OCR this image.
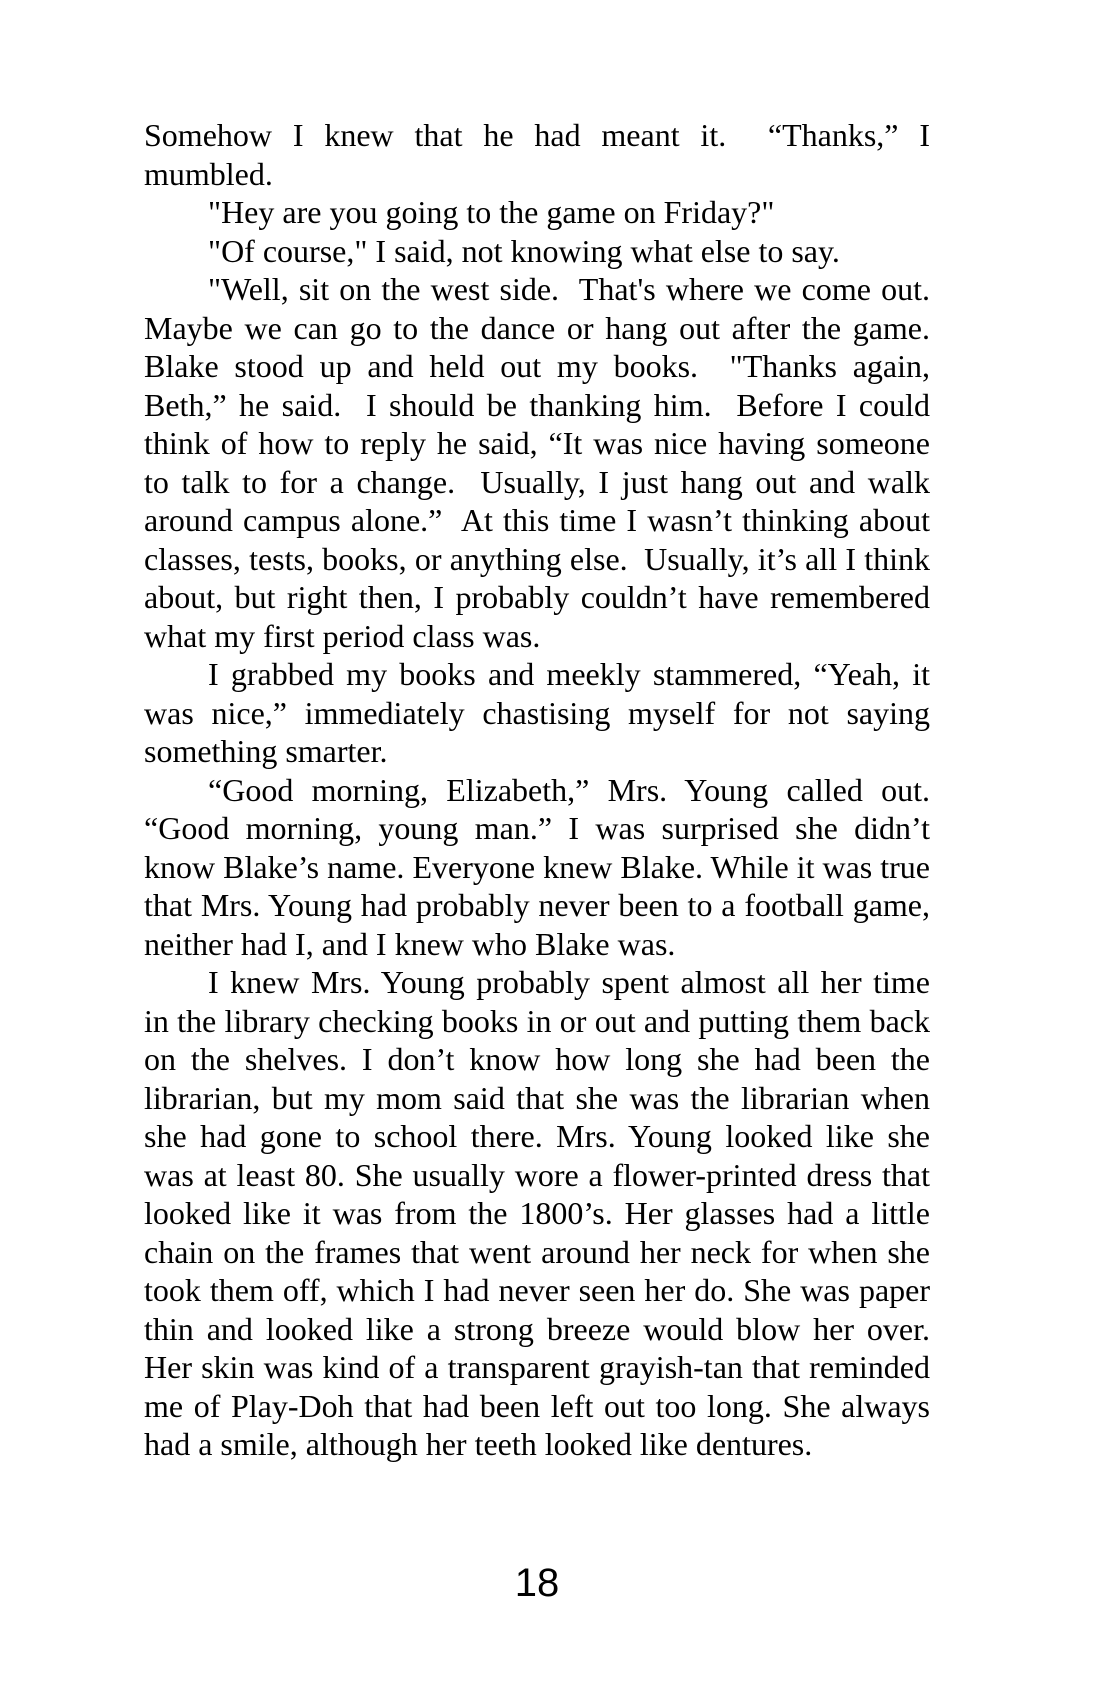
Somehow I knew that he had meant it.  “Thanks,” I mumbled.

"Hey are you going to the game on Friday?"

"Of course," I said, not knowing what else to say.

"Well, sit on the west side.  That's where we come out.  Maybe we can go to the dance or hang out after the game.  Blake stood up and held out my books.  "Thanks again, Beth,” he said.  I should be thanking him.  Before I could think of how to reply he said, “It was nice having someone to talk to for a change.  Usually, I just hang out and walk around campus alone.”  At this time I wasn’t thinking about classes, tests, books, or anything else.  Usually, it’s all I think about, but right then, I probably couldn’t have remembered what my first period class was.

I grabbed my books and meekly stammered, “Yeah, it was nice,” immediately chastising myself for not saying something smarter.

“Good morning, Elizabeth,” Mrs. Young called out. “Good morning, young man.” I was surprised she didn’t know Blake’s name. Everyone knew Blake. While it was true that Mrs. Young had probably never been to a football game, neither had I, and I knew who Blake was.

I knew Mrs. Young probably spent almost all her time in the library checking books in or out and putting them back on the shelves. I don’t know how long she had been the librarian, but my mom said that she was the librarian when she had gone to school there. Mrs. Young looked like she was at least 80. She usually wore a flower-printed dress that looked like it was from the 1800’s. Her glasses had a little chain on the frames that went around her neck for when she took them off, which I had never seen her do. She was paper thin and looked like a strong breeze would blow her over. Her skin was kind of a transparent grayish-tan that reminded me of Play-Doh that had been left out too long. She always had a smile, although her teeth looked like dentures.

18
